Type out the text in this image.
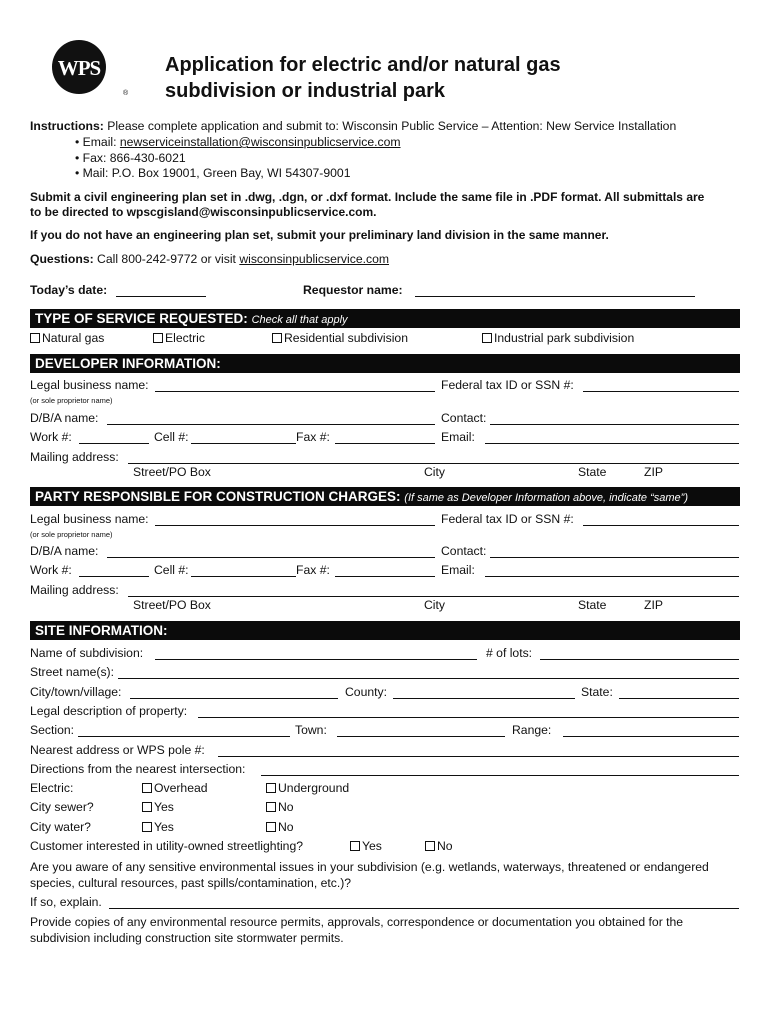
WPS
®
Application for electric and/or natural gas
subdivision or industrial park
Instructions: Please complete application and submit to: Wisconsin Public Service – Attention: New Service Installation
• Email: newserviceinstallation@wisconsinpublicservice.com
• Fax: 866-430-6021
• Mail: P.O. Box 19001, Green Bay, WI 54307-9001
Submit a civil engineering plan set in .dwg, .dgn, or .dxf format. Include the same file in .PDF format. All submittals are
to be directed to wpscgisland@wisconsinpublicservice.com.
If you do not have an engineering plan set, submit your preliminary land division in the same manner.
Questions: Call 800-242-9772 or visit wisconsinpublicservice.com
Today’s date:	Requestor name:
TYPE OF SERVICE REQUESTED: Check all that apply
Natural gas	Electric	Residential subdivision	Industrial park subdivision
DEVELOPER INFORMATION:
Legal business name:	Federal tax ID or SSN #:
(or sole proprietor name)
D/B/A name:	Contact:
Work #:	Cell #:	Fax #:	Email:
Mailing address:
Street/PO Box	City	State	ZIP
PARTY RESPONSIBLE FOR CONSTRUCTION CHARGES: (If same as Developer Information above, indicate “same”)
Legal business name:	Federal tax ID or SSN #:
(or sole proprietor name)
D/B/A name:	Contact:
Work #:	Cell #:	Fax #:	Email:
Mailing address:
Street/PO Box	City	State	ZIP
SITE INFORMATION:
Name of subdivision:	# of lots:
Street name(s):
City/town/village:	County:	State:
Legal description of property:
Section:	Town:	Range:
Nearest address or WPS pole #:
Directions from the nearest intersection:
Electric:	Overhead	Underground
City sewer?	Yes	No
City water?	Yes	No
Customer interested in utility-owned streetlighting?	Yes	No
Are you aware of any sensitive environmental issues in your subdivision (e.g. wetlands, waterways, threatened or endangered
species, cultural resources, past spills/contamination, etc.)?
If so, explain.
Provide copies of any environmental resource permits, approvals, correspondence or documentation you obtained for the
subdivision including construction site stormwater permits.
